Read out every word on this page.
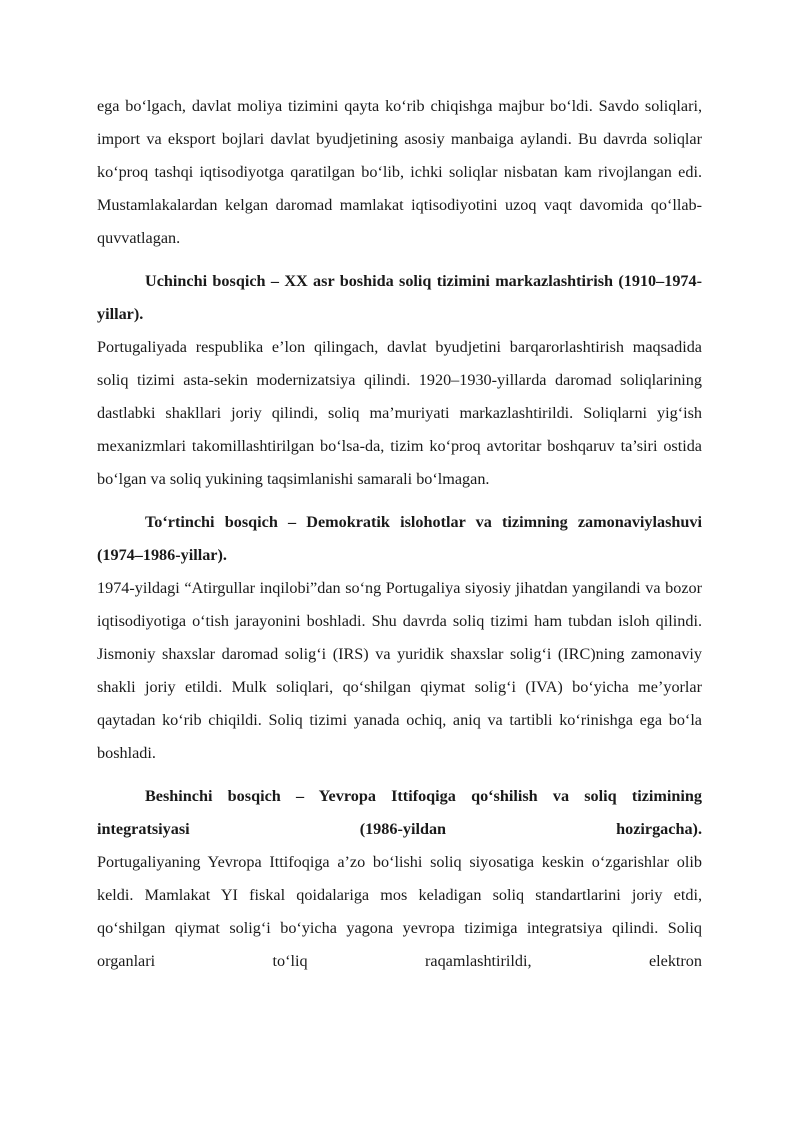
ega bo‘lgach, davlat moliya tizimini qayta ko‘rib chiqishga majbur bo‘ldi. Savdo soliqlari, import va eksport bojlari davlat byudjetining asosiy manbaiga aylandi. Bu davrda soliqlar ko‘proq tashqi iqtisodiyotga qaratilgan bo‘lib, ichki soliqlar nisbatan kam rivojlangan edi. Mustamlakalardan kelgan daromad mamlakat iqtisodiyotini uzoq vaqt davomida qo‘llab-quvvatlagan.

Uchinchi bosqich – XX asr boshida soliq tizimini markazlashtirish (1910–1974-yillar).

Portugaliyada respublika e’lon qilingach, davlat byudjetini barqarorlashtirish maqsadida soliq tizimi asta-sekin modernizatsiya qilindi. 1920–1930-yillarda daromad soliqlarining dastlabki shakllari joriy qilindi, soliq ma’muriyati markazlashtirildi. Soliqlarni yig‘ish mexanizmlari takomillashtirilgan bo‘lsa-da, tizim ko‘proq avtoritar boshqaruv ta’siri ostida bo‘lgan va soliq yukining taqsimlanishi samarali bo‘lmagan.

To‘rtinchi bosqich – Demokratik islohotlar va tizimning zamonaviylashuvi (1974–1986-yillar).

1974-yildagi “Atirgullar inqilobi”dan so‘ng Portugaliya siyosiy jihatdan yangilandi va bozor iqtisodiyotiga o‘tish jarayonini boshladi. Shu davrda soliq tizimi ham tubdan isloh qilindi. Jismoniy shaxslar daromad solig‘i (IRS) va yuridik shaxslar solig‘i (IRC)ning zamonaviy shakli joriy etildi. Mulk soliqlari, qo‘shilgan qiymat solig‘i (IVA) bo‘yicha me’yorlar qaytadan ko‘rib chiqildi. Soliq tizimi yanada ochiq, aniq va tartibli ko‘rinishga ega bo‘la boshladi.

Beshinchi bosqich – Yevropa Ittifoqiga qo‘shilish va soliq tizimining integratsiyasi (1986-yildan hozirgacha).

Portugaliyaning Yevropa Ittifoqiga a’zo bo‘lishi soliq siyosatiga keskin o‘zgarishlar olib keldi. Mamlakat YI fiskal qoidalariga mos keladigan soliq standartlarini joriy etdi, qo‘shilgan qiymat solig‘i bo‘yicha yagona yevropa tizimiga integratsiya qilindi. Soliq organlari to‘liq raqamlashtirildi, elektron
